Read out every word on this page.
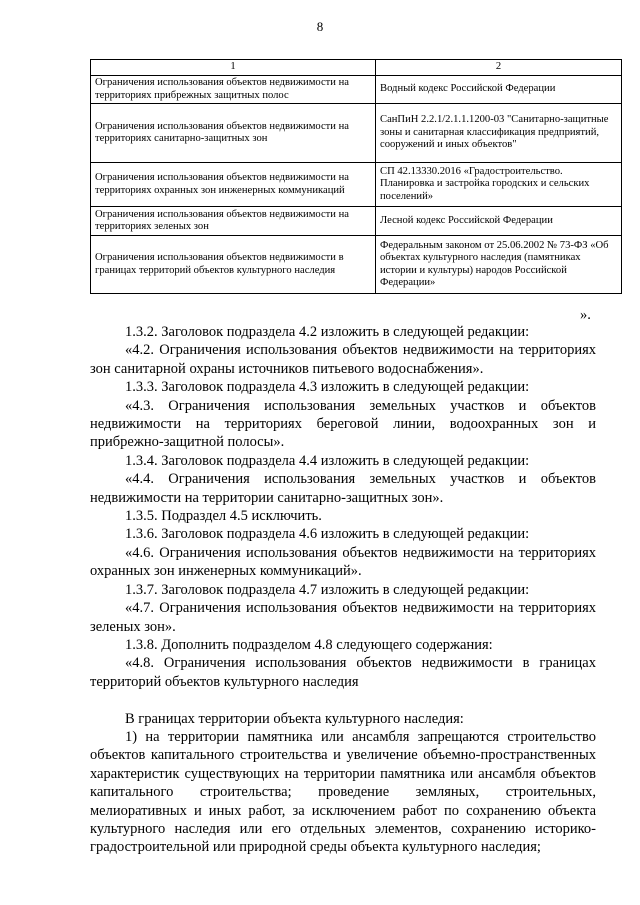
8
1	2
Ограничения использования объектов недвижимости на территориях прибрежных защитных полос	Водный кодекс Российской Федерации
Ограничения использования объектов недвижимости на территориях санитарно-защитных зон	СанПиН 2.2.1/2.1.1.1200-03 "Санитарно-защитные зоны и санитарная классификация предприятий, сооружений и иных объектов"
Ограничения использования объектов недвижимости на территориях охранных зон инженерных коммуникаций	СП 42.13330.2016 «Градостроительство. Планировка и застройка городских и сельских поселений»
Ограничения использования объектов недвижимости на территориях зеленых зон	Лесной кодекс Российской Федерации
Ограничения использования объектов недвижимости в границах территорий объектов культурного наследия	Федеральным законом от 25.06.2002 № 73-ФЗ «Об объектах культурного наследия (памятниках истории и культуры) народов Российской Федерации»
».

1.3.2. Заголовок подраздела 4.2 изложить в следующей редакции:

«4.2. Ограничения использования объектов недвижимости на территориях зон санитарной охраны источников питьевого водоснабжения».

1.3.3. Заголовок подраздела 4.3 изложить в следующей редакции:

«4.3. Ограничения использования земельных участков и объектов недвижимости на территориях береговой линии, водоохранных зон и прибрежно-защитной полосы».

1.3.4. Заголовок подраздела 4.4 изложить в следующей редакции:

«4.4. Ограничения использования земельных участков и объектов недвижимости на территории санитарно-защитных зон».

1.3.5. Подраздел 4.5 исключить.

1.3.6. Заголовок подраздела 4.6 изложить в следующей редакции:

«4.6. Ограничения использования объектов недвижимости на территориях охранных зон инженерных коммуникаций».

1.3.7. Заголовок подраздела 4.7 изложить в следующей редакции:

«4.7. Ограничения использования объектов недвижимости на территориях зеленых зон».

1.3.8. Дополнить подразделом 4.8 следующего содержания:

«4.8. Ограничения использования объектов недвижимости в границах территорий объектов культурного наследия

В границах территории объекта культурного наследия:

1) на территории памятника или ансамбля запрещаются строительство объектов капитального строительства и увеличение объемно-пространственных характеристик существующих на территории памятника или ансамбля объектов капитального строительства; проведение земляных, строительных, мелиоративных и иных работ, за исключением работ по сохранению объекта культурного наследия или его отдельных элементов, сохранению историко-градостроительной или природной среды объекта культурного наследия;
